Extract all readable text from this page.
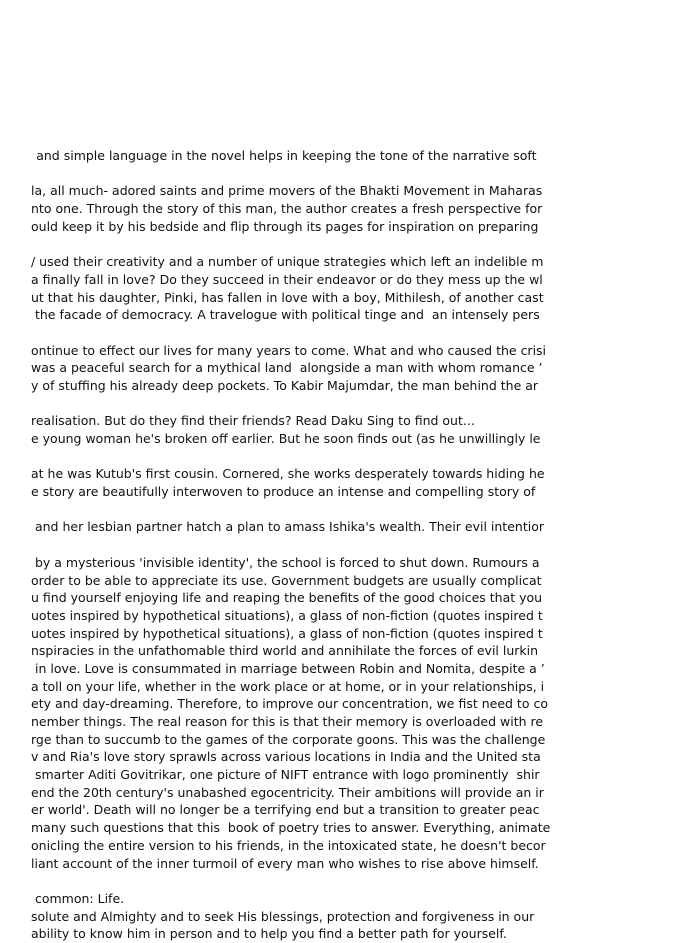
  and simple language in the novel helps in keeping the tone of the narrative soft
la, all much- adored saints and prime movers of the Bhakti Movement in Maharas
nto one. Through the story of this man, the author creates a fresh perspective for
ould keep it by his bedside and flip through its pages for inspiration on preparing
/ used their creativity and a number of unique strategies which left an indelible m
a finally fall in love? Do they succeed in their endeavor or do they mess up the wl
ut that his daughter, Pinki, has fallen in love with a boy, Mithilesh, of another cast
the facade of democracy. A travelogue with political tinge and  an intensely pers
ontinue to effect our lives for many years to come. What and who caused the crisi
was a peaceful search for a mythical land  alongside a man with whom romance ’
y of stuffing his already deep pockets. To Kabir Majumdar, the man behind the ar
realisation. But do they find their friends? Read Daku Sing to find out...
e young woman he's broken off earlier. But he soon finds out (as he unwillingly le
at he was Kutub's first cousin. Cornered, she works desperately towards hiding hе
e story are beautifully interwoven to produce an intense and compelling story of
and her lesbian partner hatch a plan to amass Ishika's wealth. Their evil intentior
by a mysterious 'invisible identity', the school is forced to shut down. Rumours a
order to be able to appreciate its use. Government budgets are usually complicat
u find yourself enjoying life and reaping the benefits of the good choices that you
uotes inspired by hypothetical situations), a glass of non-fiction (quotes inspired t
uotes inspired by hypothetical situations), a glass of non-fiction (quotes inspired t
nspiracies in the unfathomable third world and annihilate the forces of evil lurkin
in love. Love is consummated in marriage between Robin and Nomita, despite a ’
a toll on your life, whether in the work place or at home, or in your relationships, i
ety and day-dreaming. Therefore, to improve our concentration, we fist need to cο
nember things. The real reason for this is that their memory is overloaded with re
rge than to succumb to the games of the corporate goons. This was the challenge
v and Ria's love story sprawls across various locations in India and the United sta
smarter Aditi Govitrikar, one picture of NIFT entrance with logo prominently  shir
end the 20th century's unabashed egocentricity. Their ambitions will provide an ir
er world'. Death will no longer be a terrifying end but a transition to greater peac
many such questions that this  book of poetry tries to answer. Everything, animate
onicling the entire version to his friends, in the intoxicated state, he doesn't becor
liant account of the inner turmoil of every man who wishes to rise above himself.
common: Life.
solute and Almighty and to seek His blessings, protection and forgiveness in our
ability to know him in person and to help you find a better path for yourself.
